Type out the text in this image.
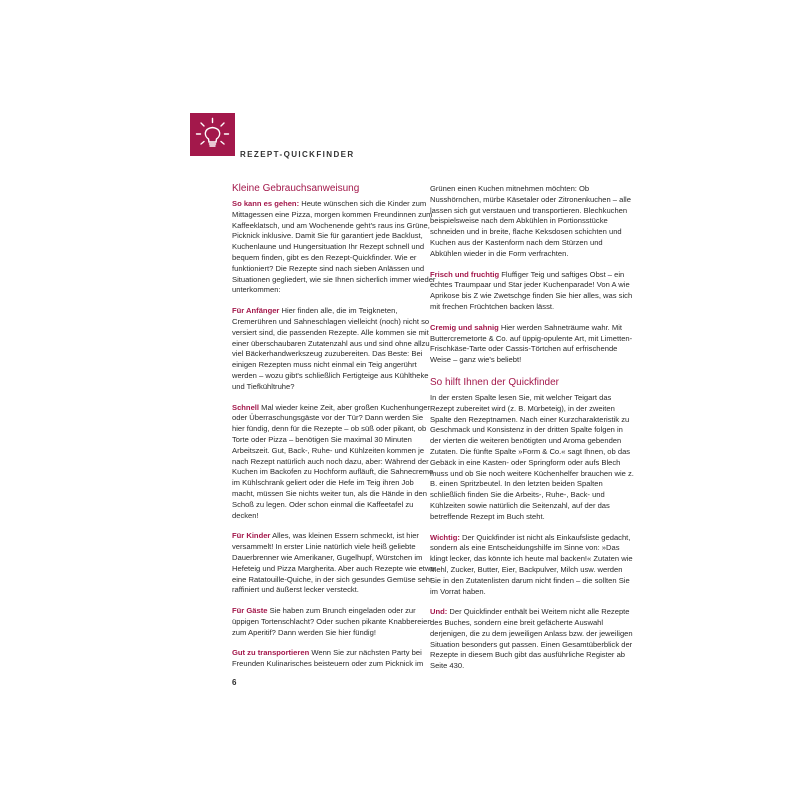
REZEPT-QUICKFINDER
Kleine Gebrauchsanweisung

So kann es gehen: Heute wünschen sich die Kinder zum Mittagessen eine Pizza, morgen kommen Freundinnen zum Kaffeeklatsch, und am Wochenende geht's raus ins Grüne, Picknick inklusive. Damit Sie für garantiert jede Backlust, Kuchenlaune und Hungersituation Ihr Rezept schnell und bequem finden, gibt es den Rezept-Quickfinder. Wie er funktioniert? Die Rezepte sind nach sieben Anlässen und Situationen gegliedert, wie sie Ihnen sicherlich immer wieder unterkommen:

Für Anfänger Hier finden alle, die im Teigkneten, Cremerühren und Sahneschlagen vielleicht (noch) nicht so versiert sind, die passenden Rezepte. Alle kommen sie mit einer überschaubaren Zutatenzahl aus und sind ohne allzu viel Bäckerhandwerkszeug zuzubereiten. Das Beste: Bei einigen Rezepten muss nicht einmal ein Teig angerührt werden – wozu gibt's schließlich Fertigteige aus Kühltheke und Tiefkühltruhe?

Schnell Mal wieder keine Zeit, aber großen Kuchenhunger oder Überraschungsgäste vor der Tür? Dann werden Sie hier fündig, denn für die Rezepte – ob süß oder pikant, ob Torte oder Pizza – benötigen Sie maximal 30 Minuten Arbeitszeit. Gut, Back-, Ruhe- und Kühlzeiten kommen je nach Rezept natürlich auch noch dazu, aber: Während der Kuchen im Backofen zu Hochform aufläuft, die Sahnecreme im Kühlschrank geliert oder die Hefe im Teig ihren Job macht, müssen Sie nichts weiter tun, als die Hände in den Schoß zu legen. Oder schon einmal die Kaffeetafel zu decken!

Für Kinder Alles, was kleinen Essern schmeckt, ist hier versammelt! In erster Linie natürlich viele heiß geliebte Dauerbrenner wie Amerikaner, Gugelhupf, Würstchen im Hefeteig und Pizza Margherita. Aber auch Rezepte wie etwa eine Ratatouille-Quiche, in der sich gesundes Gemüse sehr raffiniert und äußerst lecker versteckt.

Für Gäste Sie haben zum Brunch eingeladen oder zur üppigen Tortenschlacht? Oder suchen pikante Knabbereien zum Aperitif? Dann werden Sie hier fündig!

Gut zu transportieren Wenn Sie zur nächsten Party bei Freunden Kulinarisches beisteuern oder zum Picknick im

Grünen einen Kuchen mitnehmen möchten: Ob Nusshörnchen, mürbe Käsetaler oder Zitronenkuchen – alle lassen sich gut verstauen und transportieren. Blechkuchen beispielsweise nach dem Abkühlen in Portionsstücke schneiden und in breite, flache Keksdosen schichten und Kuchen aus der Kastenform nach dem Stürzen und Abkühlen wieder in die Form verfrachten.

Frisch und fruchtig Fluffiger Teig und saftiges Obst – ein echtes Traumpaar und Star jeder Kuchenparade! Von A wie Aprikose bis Z wie Zwetschge finden Sie hier alles, was sich mit frechen Früchtchen backen lässt.

Cremig und sahnig Hier werden Sahneträume wahr. Mit Buttercremetorte & Co. auf üppig-opulente Art, mit Limetten-Frischkäse-Tarte oder Cassis-Törtchen auf erfrischende Weise – ganz wie's beliebt!

So hilft Ihnen der Quickfinder

In der ersten Spalte lesen Sie, mit welcher Teigart das Rezept zubereitet wird (z. B. Mürbeteig), in der zweiten Spalte den Rezeptnamen. Nach einer Kurzcharakteristik zu Geschmack und Konsistenz in der dritten Spalte folgen in der vierten die weiteren benötigten und Aroma gebenden Zutaten. Die fünfte Spalte »Form & Co.« sagt Ihnen, ob das Gebäck in eine Kasten- oder Springform oder aufs Blech muss und ob Sie noch weitere Küchenhelfer brauchen wie z. B. einen Spritzbeutel. In den letzten beiden Spalten schließlich finden Sie die Arbeits-, Ruhe-, Back- und Kühlzeiten sowie natürlich die Seitenzahl, auf der das betreffende Rezept im Buch steht.

Wichtig: Der Quickfinder ist nicht als Einkaufsliste gedacht, sondern als eine Entscheidungshilfe im Sinne von: »Das klingt lecker, das könnte ich heute mal backen!« Zutaten wie Mehl, Zucker, Butter, Eier, Backpulver, Milch usw. werden Sie in den Zutatenlisten darum nicht finden – die sollten Sie im Vorrat haben.

Und: Der Quickfinder enthält bei Weitem nicht alle Rezepte des Buches, sondern eine breit gefächerte Auswahl derjenigen, die zu dem jeweiligen Anlass bzw. der jeweiligen Situation besonders gut passen. Einen Gesamtüberblick der Rezepte in diesem Buch gibt das ausführliche Register ab Seite 430.

6
